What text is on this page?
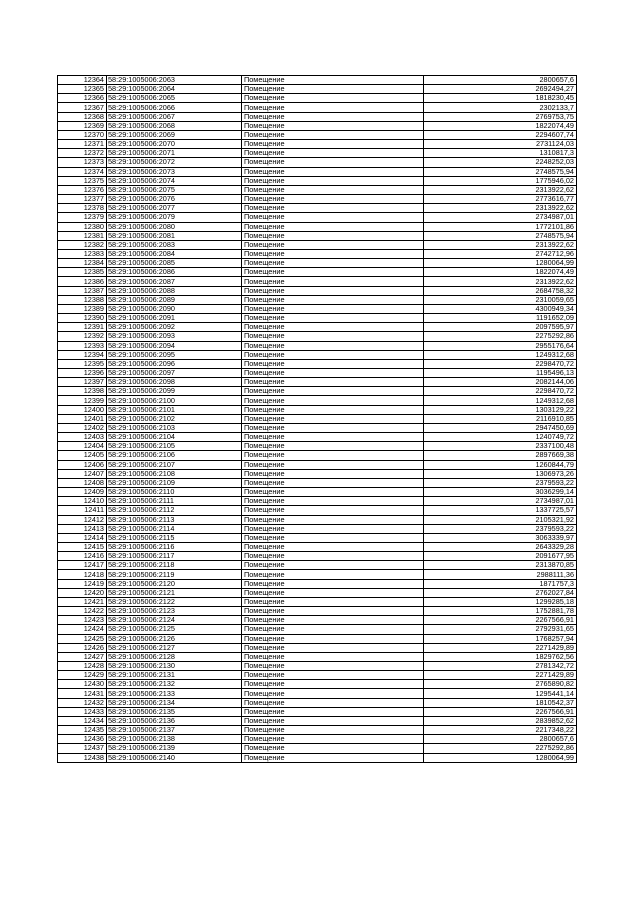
12364	58:29:1005006:2063	Помещение	2800657,6
12365	58:29:1005006:2064	Помещение	2692494,27
12366	58:29:1005006:2065	Помещение	1818230,45
12367	58:29:1005006:2066	Помещение	2302133,7
12368	58:29:1005006:2067	Помещение	2769753,75
12369	58:29:1005006:2068	Помещение	1822074,49
12370	58:29:1005006:2069	Помещение	2294607,74
12371	58:29:1005006:2070	Помещение	2731124,03
12372	58:29:1005006:2071	Помещение	1310817,3
12373	58:29:1005006:2072	Помещение	2248252,03
12374	58:29:1005006:2073	Помещение	2748575,94
12375	58:29:1005006:2074	Помещение	1775946,02
12376	58:29:1005006:2075	Помещение	2313922,62
12377	58:29:1005006:2076	Помещение	2773616,77
12378	58:29:1005006:2077	Помещение	2313922,62
12379	58:29:1005006:2079	Помещение	2734987,01
12380	58:29:1005006:2080	Помещение	1772101,86
12381	58:29:1005006:2081	Помещение	2748575,94
12382	58:29:1005006:2083	Помещение	2313922,62
12383	58:29:1005006:2084	Помещение	2742712,96
12384	58:29:1005006:2085	Помещение	1280064,99
12385	58:29:1005006:2086	Помещение	1822074,49
12386	58:29:1005006:2087	Помещение	2313922,62
12387	58:29:1005006:2088	Помещение	2684758,32
12388	58:29:1005006:2089	Помещение	2310059,65
12389	58:29:1005006:2090	Помещение	4300949,34
12390	58:29:1005006:2091	Помещение	1191652,09
12391	58:29:1005006:2092	Помещение	2097595,97
12392	58:29:1005006:2093	Помещение	2275292,86
12393	58:29:1005006:2094	Помещение	2955176,64
12394	58:29:1005006:2095	Помещение	1249312,68
12395	58:29:1005006:2096	Помещение	2298470,72
12396	58:29:1005006:2097	Помещение	1195496,13
12397	58:29:1005006:2098	Помещение	2082144,06
12398	58:29:1005006:2099	Помещение	2298470,72
12399	58:29:1005006:2100	Помещение	1249312,68
12400	58:29:1005006:2101	Помещение	1303129,22
12401	58:29:1005006:2102	Помещение	2116910,85
12402	58:29:1005006:2103	Помещение	2947450,69
12403	58:29:1005006:2104	Помещение	1240749,72
12404	58:29:1005006:2105	Помещение	2337100,48
12405	58:29:1005006:2106	Помещение	2897669,38
12406	58:29:1005006:2107	Помещение	1260844,79
12407	58:29:1005006:2108	Помещение	1306973,26
12408	58:29:1005006:2109	Помещение	2379593,22
12409	58:29:1005006:2110	Помещение	3036299,14
12410	58:29:1005006:2111	Помещение	2734987,01
12411	58:29:1005006:2112	Помещение	1337725,57
12412	58:29:1005006:2113	Помещение	2105321,92
12413	58:29:1005006:2114	Помещение	2379593,22
12414	58:29:1005006:2115	Помещение	3063339,97
12415	58:29:1005006:2116	Помещение	2643329,28
12416	58:29:1005006:2117	Помещение	2091677,95
12417	58:29:1005006:2118	Помещение	2313870,85
12418	58:29:1005006:2119	Помещение	2988111,36
12419	58:29:1005006:2120	Помещение	1871757,3
12420	58:29:1005006:2121	Помещение	2762027,84
12421	58:29:1005006:2122	Помещение	1299285,18
12422	58:29:1005006:2123	Помещение	1752881,78
12423	58:29:1005006:2124	Помещение	2267566,91
12424	58:29:1005006:2125	Помещение	2792931,65
12425	58:29:1005006:2126	Помещение	1768257,94
12426	58:29:1005006:2127	Помещение	2271429,89
12427	58:29:1005006:2128	Помещение	1829762,56
12428	58:29:1005006:2130	Помещение	2781342,72
12429	58:29:1005006:2131	Помещение	2271429,89
12430	58:29:1005006:2132	Помещение	2765890,82
12431	58:29:1005006:2133	Помещение	1295441,14
12432	58:29:1005006:2134	Помещение	1810542,37
12433	58:29:1005006:2135	Помещение	2267566,91
12434	58:29:1005006:2136	Помещение	2839852,62
12435	58:29:1005006:2137	Помещение	2217348,22
12436	58:29:1005006:2138	Помещение	2800657,6
12437	58:29:1005006:2139	Помещение	2275292,86
12438	58:29:1005006:2140	Помещение	1280064,99
